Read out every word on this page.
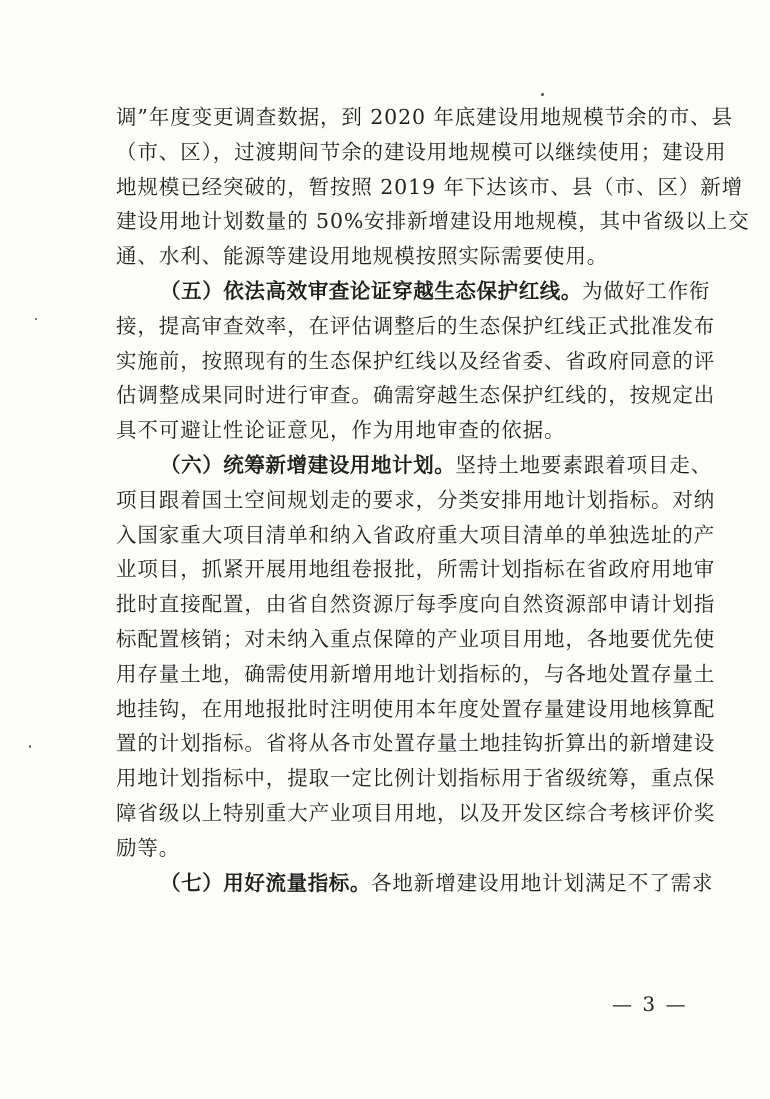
调”年度变更调查数据，到 2020 年底建设用地规模节余的市、县
（市、区），过渡期间节余的建设用地规模可以继续使用；建设用
地规模已经突破的，暂按照 2019 年下达该市、县（市、区）新增
建设用地计划数量的 50%安排新增建设用地规模，其中省级以上交
通、水利、能源等建设用地规模按照实际需要使用。
（五）依法高效审查论证穿越生态保护红线。为做好工作衔
接，提高审查效率，在评估调整后的生态保护红线正式批准发布
实施前，按照现有的生态保护红线以及经省委、省政府同意的评
估调整成果同时进行审查。确需穿越生态保护红线的，按规定出
具不可避让性论证意见，作为用地审查的依据。
（六）统筹新增建设用地计划。坚持土地要素跟着项目走、
项目跟着国土空间规划走的要求，分类安排用地计划指标。对纳
入国家重大项目清单和纳入省政府重大项目清单的单独选址的产
业项目，抓紧开展用地组卷报批，所需计划指标在省政府用地审
批时直接配置，由省自然资源厅每季度向自然资源部申请计划指
标配置核销；对未纳入重点保障的产业项目用地，各地要优先使
用存量土地，确需使用新增用地计划指标的，与各地处置存量土
地挂钩，在用地报批时注明使用本年度处置存量建设用地核算配
置的计划指标。省将从各市处置存量土地挂钩折算出的新增建设
用地计划指标中，提取一定比例计划指标用于省级统筹，重点保
障省级以上特别重大产业项目用地，以及开发区综合考核评价奖
励等。
（七）用好流量指标。各地新增建设用地计划满足不了需求
— 3 —
